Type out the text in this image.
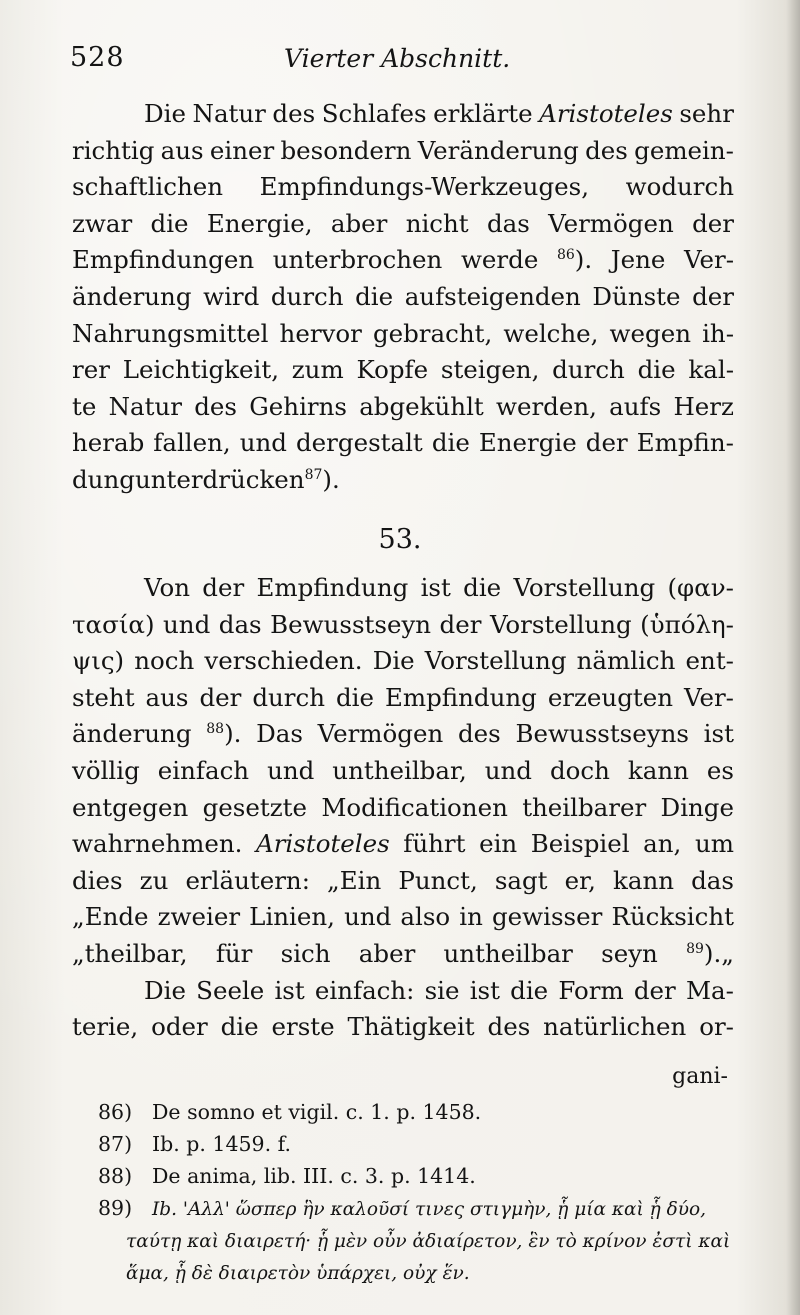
528	Vierter Abschnitt.
Die Natur des Schlafes erklärte Aristoteles sehr
richtig aus einer besondern Veränderung des gemein-
schaftlichen Empfindungs-Werkzeuges, wodurch
zwar die Energie, aber nicht das Vermögen der
Empfindungen unterbrochen werde $^{86}$). Jene Ver-
änderung wird durch die aufsteigenden Dünste der
Nahrungsmittel hervor gebracht, welche, wegen ih-
rer Leichtigkeit, zum Kopfe steigen, durch die kal-
te Natur des Gehirns abgekühlt werden, aufs Herz
herab fallen, und dergestalt die Energie der Empfin-
dung unterdrücken $^{87}$).
53.
Von der Empfindung ist die Vorstellung (φαν-
τασία) und das Bewusstseyn der Vorstellung (ὑπόλη-
ψις) noch verschieden. Die Vorstellung nämlich ent-
steht aus der durch die Empfindung erzeugten Ver-
änderung $^{88}$). Das Vermögen des Bewusstseyns ist
völlig einfach und untheilbar, und doch kann es
entgegen gesetzte Modificationen theilbarer Dinge
wahrnehmen. Aristoteles führt ein Beispiel an, um
dies zu erläutern: „Ein Punct, sagt er, kann das
„Ende zweier Linien, und also in gewisser Rücksicht
„theilbar, für sich aber untheilbar seyn $^{89}$).„
Die Seele ist einfach: sie ist die Form der Ma-
terie, oder die erste Thätigkeit des natürlichen or-
gani-
86) De somno et vigil. c. 1. p. 1458.
87) Ib. p. 1459. f.
88) De anima, lib. III. c. 3. p. 1414.
89) Ib. 'Αλλ' ὥσπερ ἣν καλοῦσί τινες στιγμὴν, ᾗ μία καὶ ᾗ δύο,
ταύτῃ καὶ διαιρετή· ᾗ μὲν οὖν ἀδιαίρετον, ἓν τὸ κρίνον ἐστὶ καὶ
ἅμα, ᾗ δὲ διαιρετὸν ὑπάρχει, οὐχ ἕν.
